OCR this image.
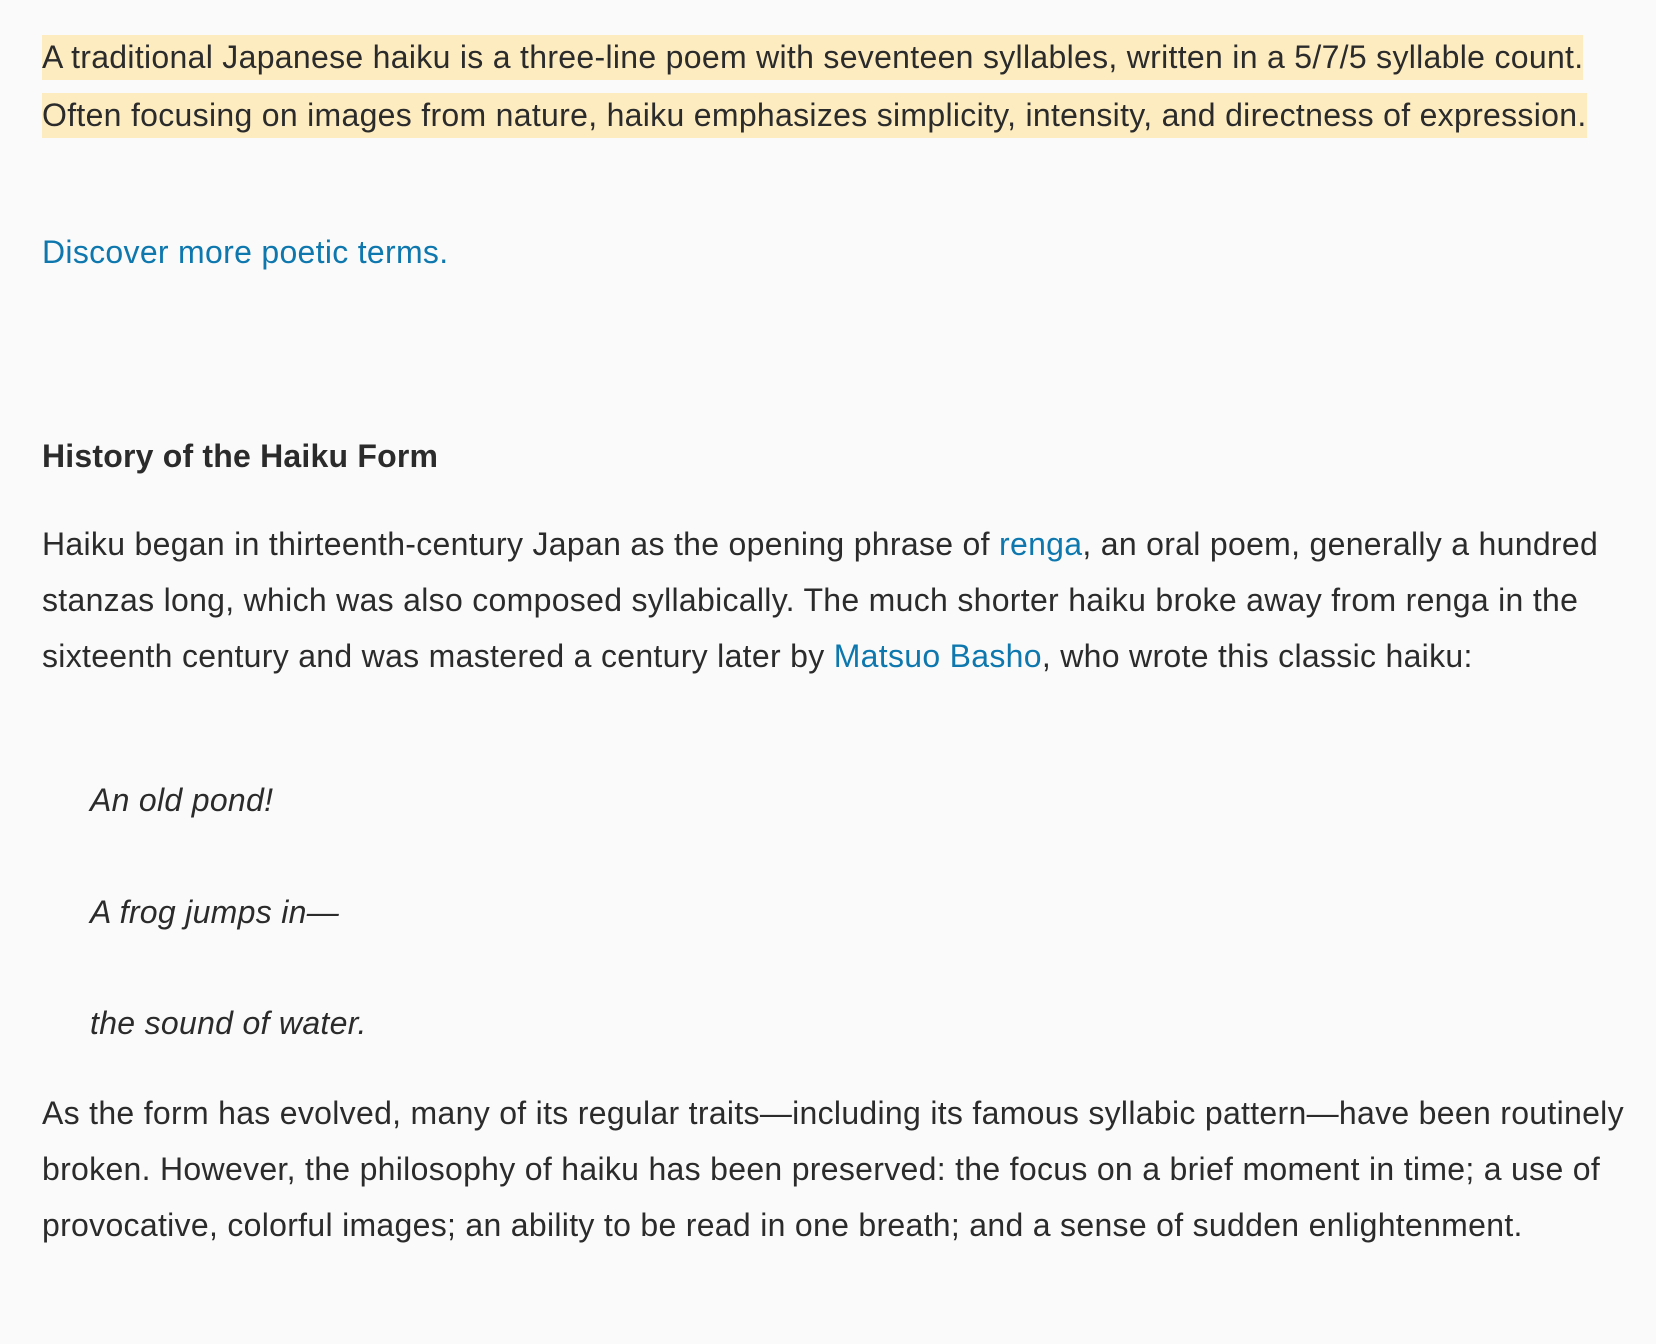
A traditional Japanese haiku is a three-line poem with seventeen syllables, written in a 5/7/5 syllable count. Often focusing on images from nature, haiku emphasizes simplicity, intensity, and directness of expression.

Discover more poetic terms.

History of the Haiku Form

Haiku began in thirteenth-century Japan as the opening phrase of renga, an oral poem, generally a hundred stanzas long, which was also composed syllabically. The much shorter haiku broke away from renga in the sixteenth century and was mastered a century later by Matsuo Basho, who wrote this classic haiku:

An old pond!

A frog jumps in—

the sound of water.

As the form has evolved, many of its regular traits—including its famous syllabic pattern—have been routinely broken. However, the philosophy of haiku has been preserved: the focus on a brief moment in time; a use of provocative, colorful images; an ability to be read in one breath; and a sense of sudden enlightenment.
